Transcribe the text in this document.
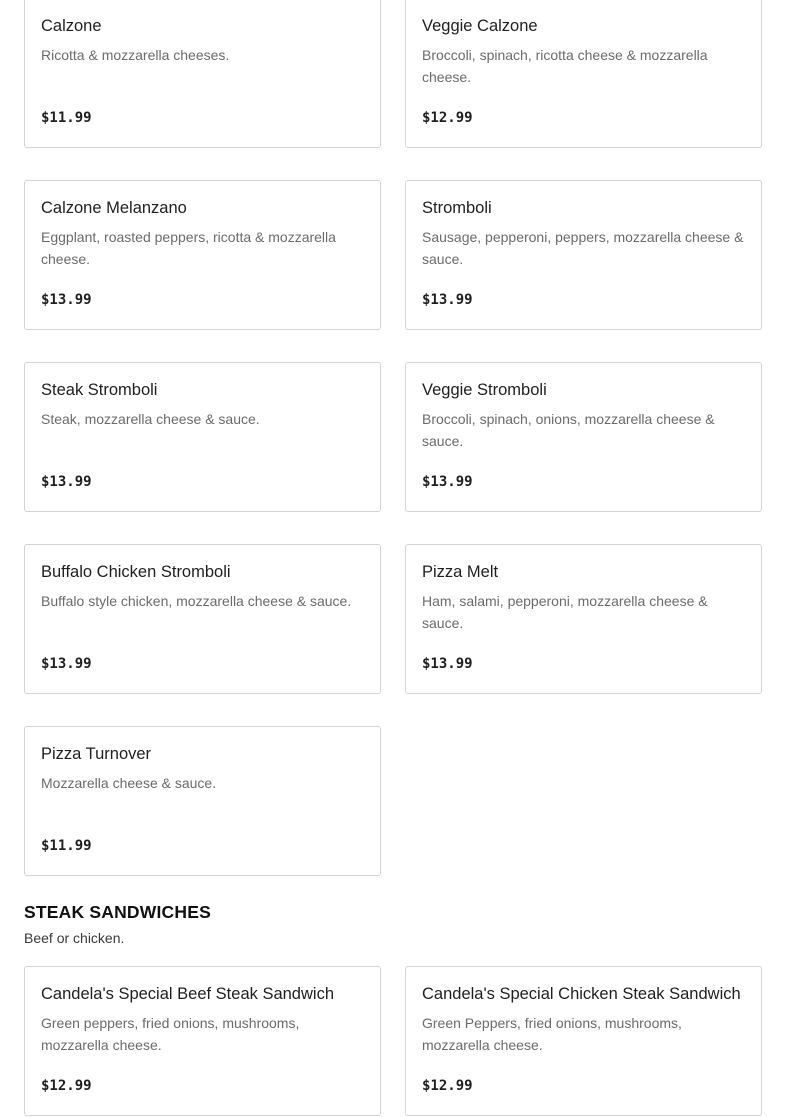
Calzone
Ricotta & mozzarella cheeses.
$11.99
Veggie Calzone
Broccoli, spinach, ricotta cheese & mozzarella cheese.
$12.99
Calzone Melanzano
Eggplant, roasted peppers, ricotta & mozzarella cheese.
$13.99
Stromboli
Sausage, pepperoni, peppers, mozzarella cheese & sauce.
$13.99
Steak Stromboli
Steak, mozzarella cheese & sauce.
$13.99
Veggie Stromboli
Broccoli, spinach, onions, mozzarella cheese & sauce.
$13.99
Buffalo Chicken Stromboli
Buffalo style chicken, mozzarella cheese & sauce.
$13.99
Pizza Melt
Ham, salami, pepperoni, mozzarella cheese & sauce.
$13.99
Pizza Turnover
Mozzarella cheese & sauce.
$11.99
STEAK SANDWICHES
Beef or chicken.
Candela's Special Beef Steak Sandwich
Green peppers, fried onions, mushrooms, mozzarella cheese.
$12.99
Candela's Special Chicken Steak Sandwich
Green Peppers, fried onions, mushrooms, mozzarella cheese.
$12.99
